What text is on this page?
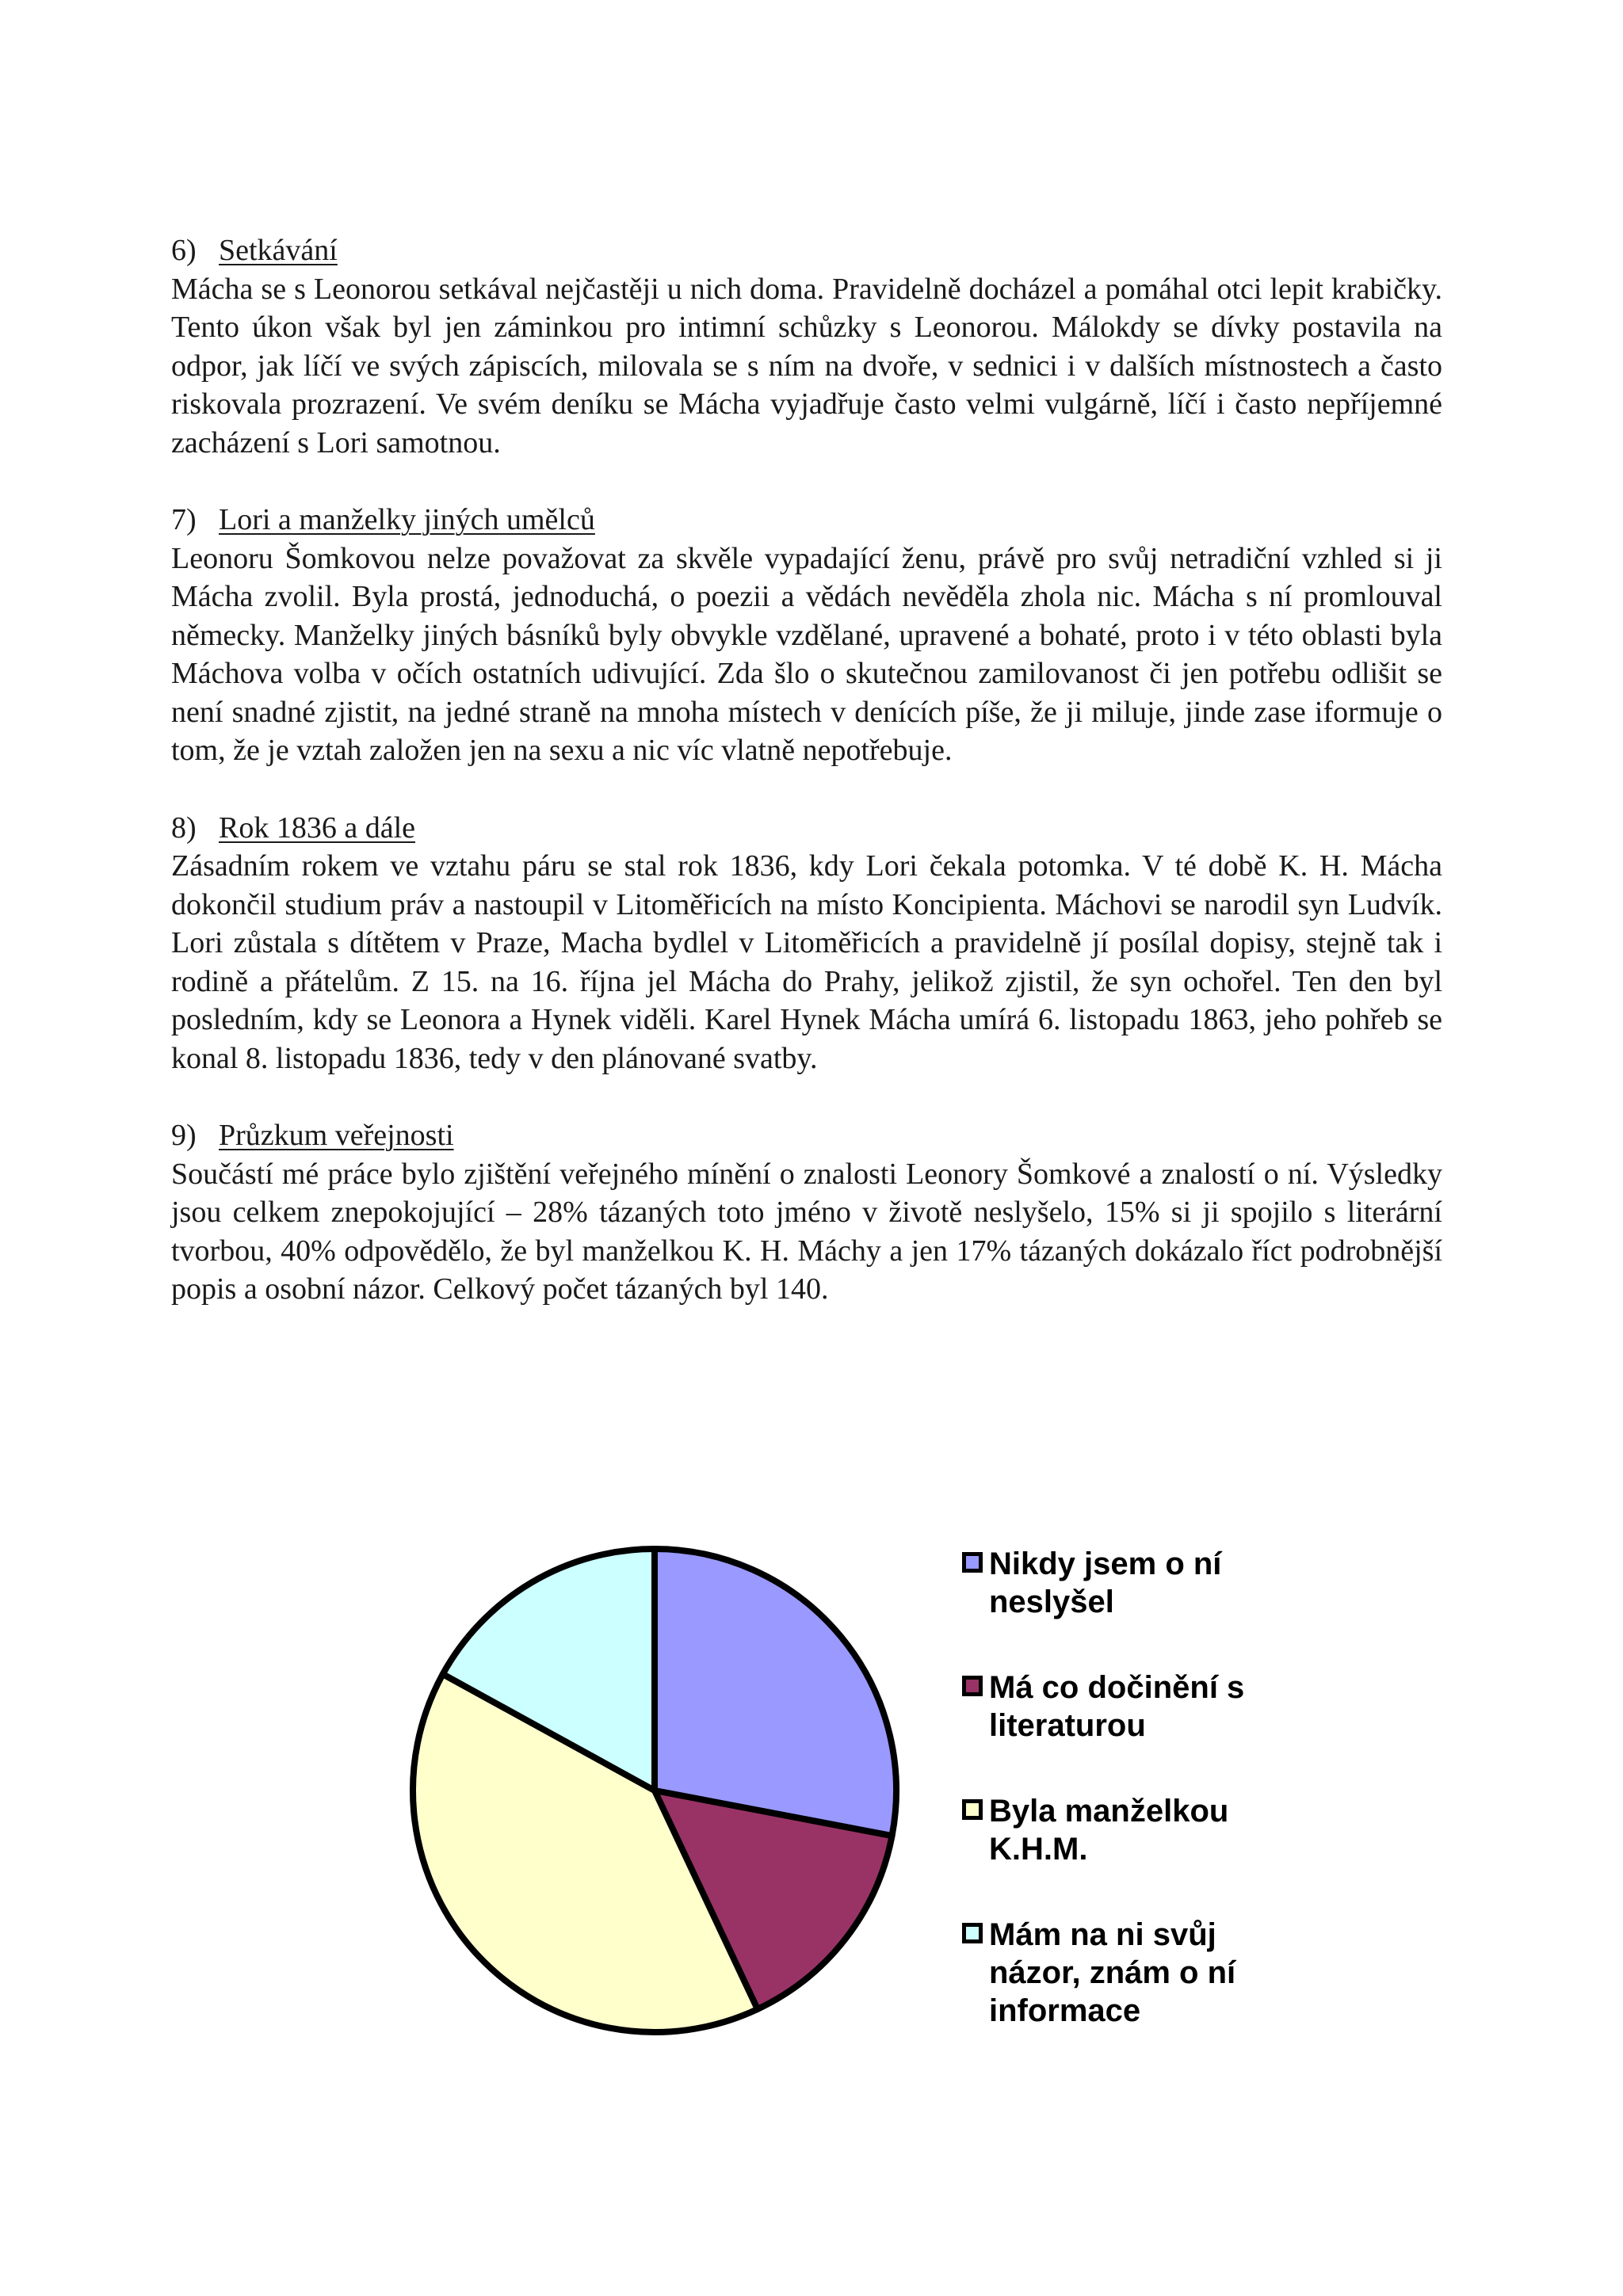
6) Setkávání

Mácha se s Leonorou setkával nejčastěji u nich doma. Pravidelně docházel a pomáhal otci lepit krabičky. Tento úkon však byl jen záminkou pro intimní schůzky s Leonorou. Málokdy se dívky postavila na odpor, jak líčí ve svých zápiscích, milovala se s ním na dvoře, v sednici i v dalších místnostech a často riskovala prozrazení. Ve svém deníku se Mácha vyjadřuje často velmi vulgárně, líčí i často nepříjemné zacházení s Lori samotnou.

7) Lori a manželky jiných umělců

Leonoru Šomkovou nelze považovat za skvěle vypadající ženu, právě pro svůj netradiční vzhled si ji Mácha zvolil. Byla prostá, jednoduchá, o poezii a vědách nevěděla zhola nic. Mácha s ní promlouval německy. Manželky jiných básníků byly obvykle vzdělané, upravené a bohaté, proto i v této oblasti byla Máchova volba v očích ostatních udivující. Zda šlo o skutečnou zamilovanost či jen potřebu odlišit se není snadné zjistit, na jedné straně na mnoha místech v denících píše, že ji miluje, jinde zase iformuje o tom, že je vztah založen jen na sexu a nic víc vlatně nepotřebuje.

8) Rok 1836 a dále

Zásadním rokem ve vztahu páru se stal rok 1836, kdy Lori čekala potomka. V té době K. H. Mácha dokončil studium práv a nastoupil v Litoměřicích na místo Koncipienta. Máchovi se narodil syn Ludvík. Lori zůstala s dítětem v Praze, Macha bydlel v Litoměřicích a pravidelně jí posílal dopisy, stejně tak i rodině a přátelům. Z 15. na 16. října jel Mácha do Prahy, jelikož zjistil, že syn ochořel. Ten den byl posledním, kdy se Leonora a Hynek viděli. Karel Hynek Mácha umírá 6. listopadu 1863, jeho pohřeb se konal 8. listopadu 1836, tedy v den plánované svatby.

9) Průzkum veřejnosti

Součástí mé práce bylo zjištění veřejného mínění o znalosti Leonory Šomkové a znalostí o ní. Výsledky jsou celkem znepokojující – 28% tázaných toto jméno v životě neslyšelo, 15% si ji spojilo s literární tvorbou, 40% odpovědělo, že byl manželkou K. H. Máchy a jen 17% tázaných dokázalo říct podrobnější popis a osobní názor. Celkový počet tázaných byl 140.

Nikdy jsem o ní neslyšel
Má co dočinění s literaturou
Byla manželkou K.H.M.
Mám na ni svůj názor, znám o ní informace
